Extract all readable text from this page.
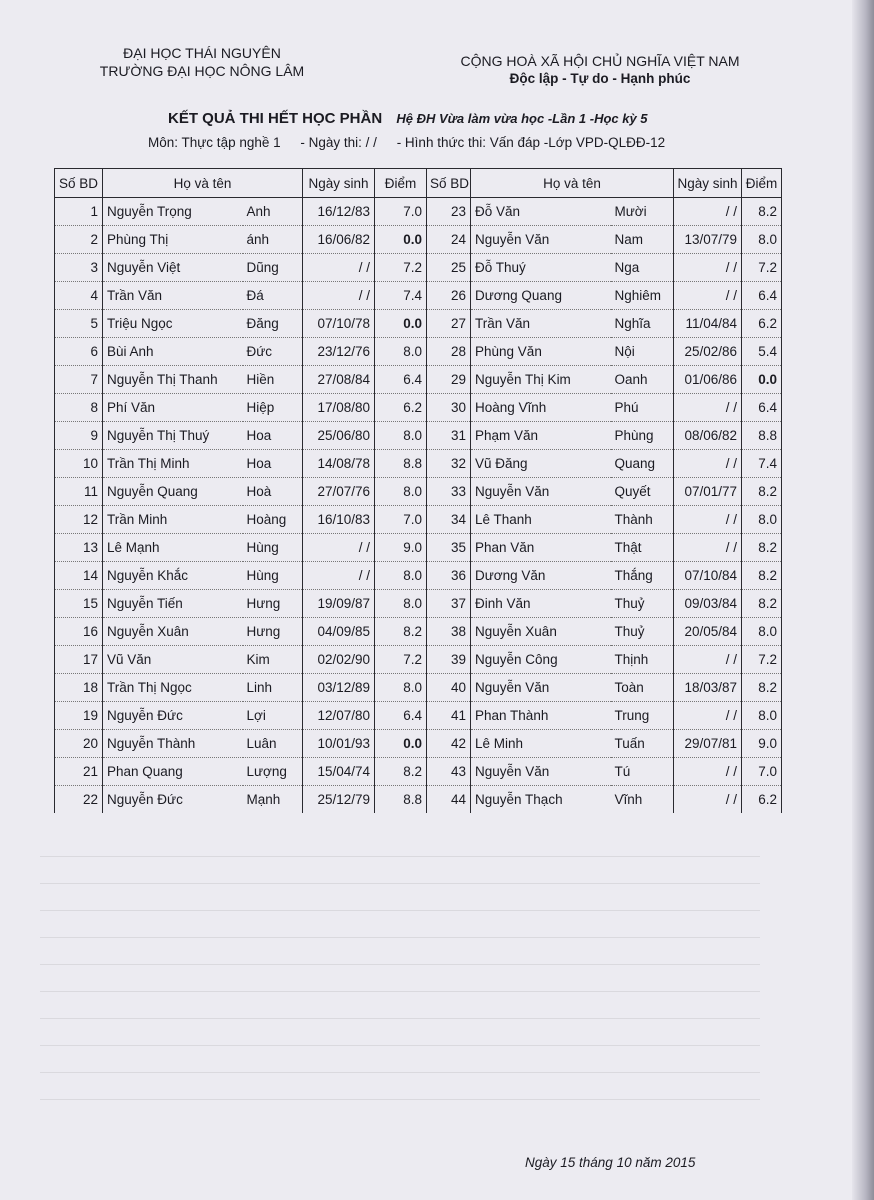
ĐẠI HỌC THÁI NGUYÊN
TRƯỜNG ĐẠI HỌC NÔNG LÂM
CỘNG HOÀ XÃ HỘI CHỦ NGHĨA VIỆT NAM
Độc lập - Tự do - Hạnh phúc
KẾT QUẢ THI HẾT HỌC PHẦN Hệ ĐH Vừa làm vừa học -Lần 1 -Học kỳ 5
Môn: Thực tập nghề 1 - Ngày thi: / / - Hình thức thi: Vấn đáp -Lớp VPD-QLĐĐ-12
Số BD	Họ và tên		Ngày sinh	Điểm	Số BD	Họ và tên		Ngày sinh	Điểm
1	Nguyễn Trọng	Anh	16/12/83	7.0	23	Đỗ Văn	Mười	/ /	8.2
2	Phùng Thị	ánh	16/06/82	0.0	24	Nguyễn Văn	Nam	13/07/79	8.0
3	Nguyễn Việt	Dũng	/ /	7.2	25	Đỗ Thuý	Nga	/ /	7.2
4	Trần Văn	Đá	/ /	7.4	26	Dương Quang	Nghiêm	/ /	6.4
5	Triệu Ngọc	Đăng	07/10/78	0.0	27	Trần Văn	Nghĩa	11/04/84	6.2
6	Bùi Anh	Đức	23/12/76	8.0	28	Phùng Văn	Nội	25/02/86	5.4
7	Nguyễn Thị Thanh	Hiền	27/08/84	6.4	29	Nguyễn Thị Kim	Oanh	01/06/86	0.0
8	Phí Văn	Hiệp	17/08/80	6.2	30	Hoàng Vĩnh	Phú	/ /	6.4
9	Nguyễn Thị Thuý	Hoa	25/06/80	8.0	31	Phạm Văn	Phùng	08/06/82	8.8
10	Trần Thị Minh	Hoa	14/08/78	8.8	32	Vũ Đăng	Quang	/ /	7.4
11	Nguyễn Quang	Hoà	27/07/76	8.0	33	Nguyễn Văn	Quyết	07/01/77	8.2
12	Trần Minh	Hoàng	16/10/83	7.0	34	Lê Thanh	Thành	/ /	8.0
13	Lê Mạnh	Hùng	/ /	9.0	35	Phan Văn	Thật	/ /	8.2
14	Nguyễn Khắc	Hùng	/ /	8.0	36	Dương Văn	Thắng	07/10/84	8.2
15	Nguyễn Tiến	Hưng	19/09/87	8.0	37	Đinh Văn	Thuỷ	09/03/84	8.2
16	Nguyễn Xuân	Hưng	04/09/85	8.2	38	Nguyễn Xuân	Thuỷ	20/05/84	8.0
17	Vũ Văn	Kim	02/02/90	7.2	39	Nguyễn Công	Thịnh	/ /	7.2
18	Trần Thị Ngọc	Linh	03/12/89	8.0	40	Nguyễn Văn	Toàn	18/03/87	8.2
19	Nguyễn Đức	Lợi	12/07/80	6.4	41	Phan Thành	Trung	/ /	8.0
20	Nguyễn Thành	Luân	10/01/93	0.0	42	Lê Minh	Tuấn	29/07/81	9.0
21	Phan Quang	Lượng	15/04/74	8.2	43	Nguyễn Văn	Tú	/ /	7.0
22	Nguyễn Đức	Mạnh	25/12/79	8.8	44	Nguyễn Thạch	Vĩnh	/ /	6.2
Ngày 15 tháng 10 năm 2015
